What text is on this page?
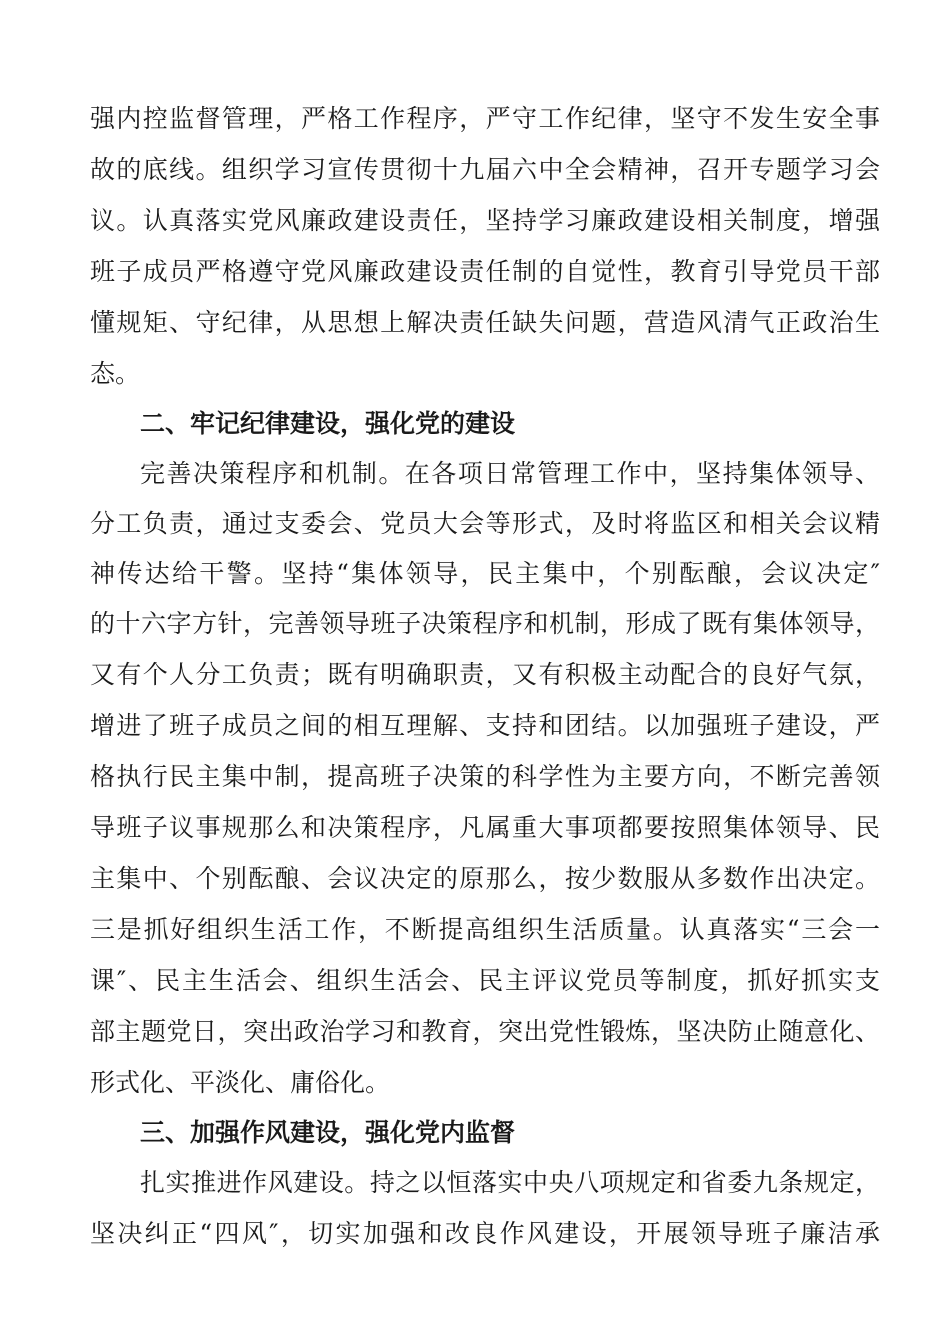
强内控监督管理，严格工作程序，严守工作纪律，坚守不发生安全事
故的底线。组织学习宣传贯彻十九届六中全会精神，召开专题学习会
议。认真落实党风廉政建设责任，坚持学习廉政建设相关制度，增强
班子成员严格遵守党风廉政建设责任制的自觉性，教育引导党员干部
懂规矩、守纪律，从思想上解决责任缺失问题，营造风清气正政治生
态。
二、牢记纪律建设，强化党的建设
完善决策程序和机制。在各项日常管理工作中，坚持集体领导、
分工负责，通过支委会、党员大会等形式，及时将监区和相关会议精
神传达给干警。坚持“集体领导，民主集中，个别酝酿，会议决定″
的十六字方针，完善领导班子决策程序和机制，形成了既有集体领导，
又有个人分工负责；既有明确职责，又有积极主动配合的良好气氛，
增进了班子成员之间的相互理解、支持和团结。以加强班子建设，严
格执行民主集中制，提高班子决策的科学性为主要方向，不断完善领
导班子议事规那么和决策程序，凡属重大事项都要按照集体领导、民
主集中、个别酝酿、会议决定的原那么，按少数服从多数作出决定。
三是抓好组织生活工作，不断提高组织生活质量。认真落实“三会一
课″、民主生活会、组织生活会、民主评议党员等制度，抓好抓实支
部主题党日，突出政治学习和教育，突出党性锻炼，坚决防止随意化、
形式化、平淡化、庸俗化。
三、加强作风建设，强化党内监督
扎实推进作风建设。持之以恒落实中央八项规定和省委九条规定，
坚决纠正“四风″，切实加强和改良作风建设，开展领导班子廉洁承
